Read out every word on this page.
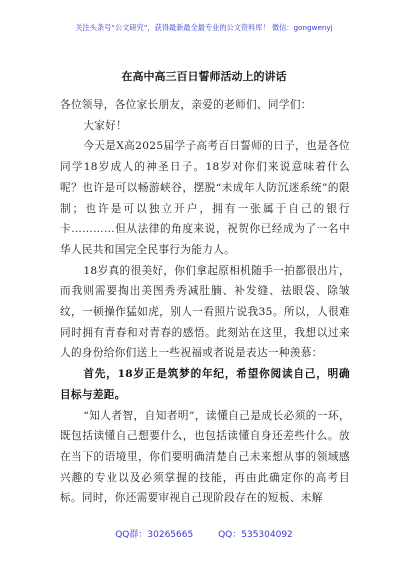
关注头条号“公文研究”，获得最新最全最专业的公文资料库！ 微信：gongwenyj
在高中高三百日誓师活动上的讲话

各位领导，各位家长朋友，亲爱的老师们、同学们：

大家好！

今天是X高2025届学子高考百日誓师的日子，也是各位同学18岁成人的神圣日子。18岁对你们来说意味着什么呢？也许是可以畅游峡谷，摆脱“未成年人防沉迷系统”的限制；也许是可以独立开户，拥有一张属于自己的银行卡…………但从法律的角度来说，祝贺你已经成为了一名中华人民共和国完全民事行为能力人。

18岁真的很美好，你们拿起原相机随手一拍都很出片，而我则需要掏出美图秀秀减肚腩、补发缝、祛眼袋、除皱纹，一顿操作猛如虎，别人一看照片说我35。所以，人很难同时拥有青春和对青春的感悟。此刻站在这里，我想以过来人的身份给你们送上一些祝福或者说是表达一种羡慕：

首先，18岁正是筑梦的年纪，希望你阅读自己，明确目标与差距。

“知人者智，自知者明”，读懂自己是成长必须的一环，既包括读懂自己想要什么，也包括读懂自身还差些什么。放在当下的语境里，你们要明确清楚自己未来想从事的领域感兴趣的专业以及必须掌握的技能，再由此确定你的高考目标。同时，你还需要审视自己现阶段存在的短板、未解

QQ群：30265665	QQ：535304092
